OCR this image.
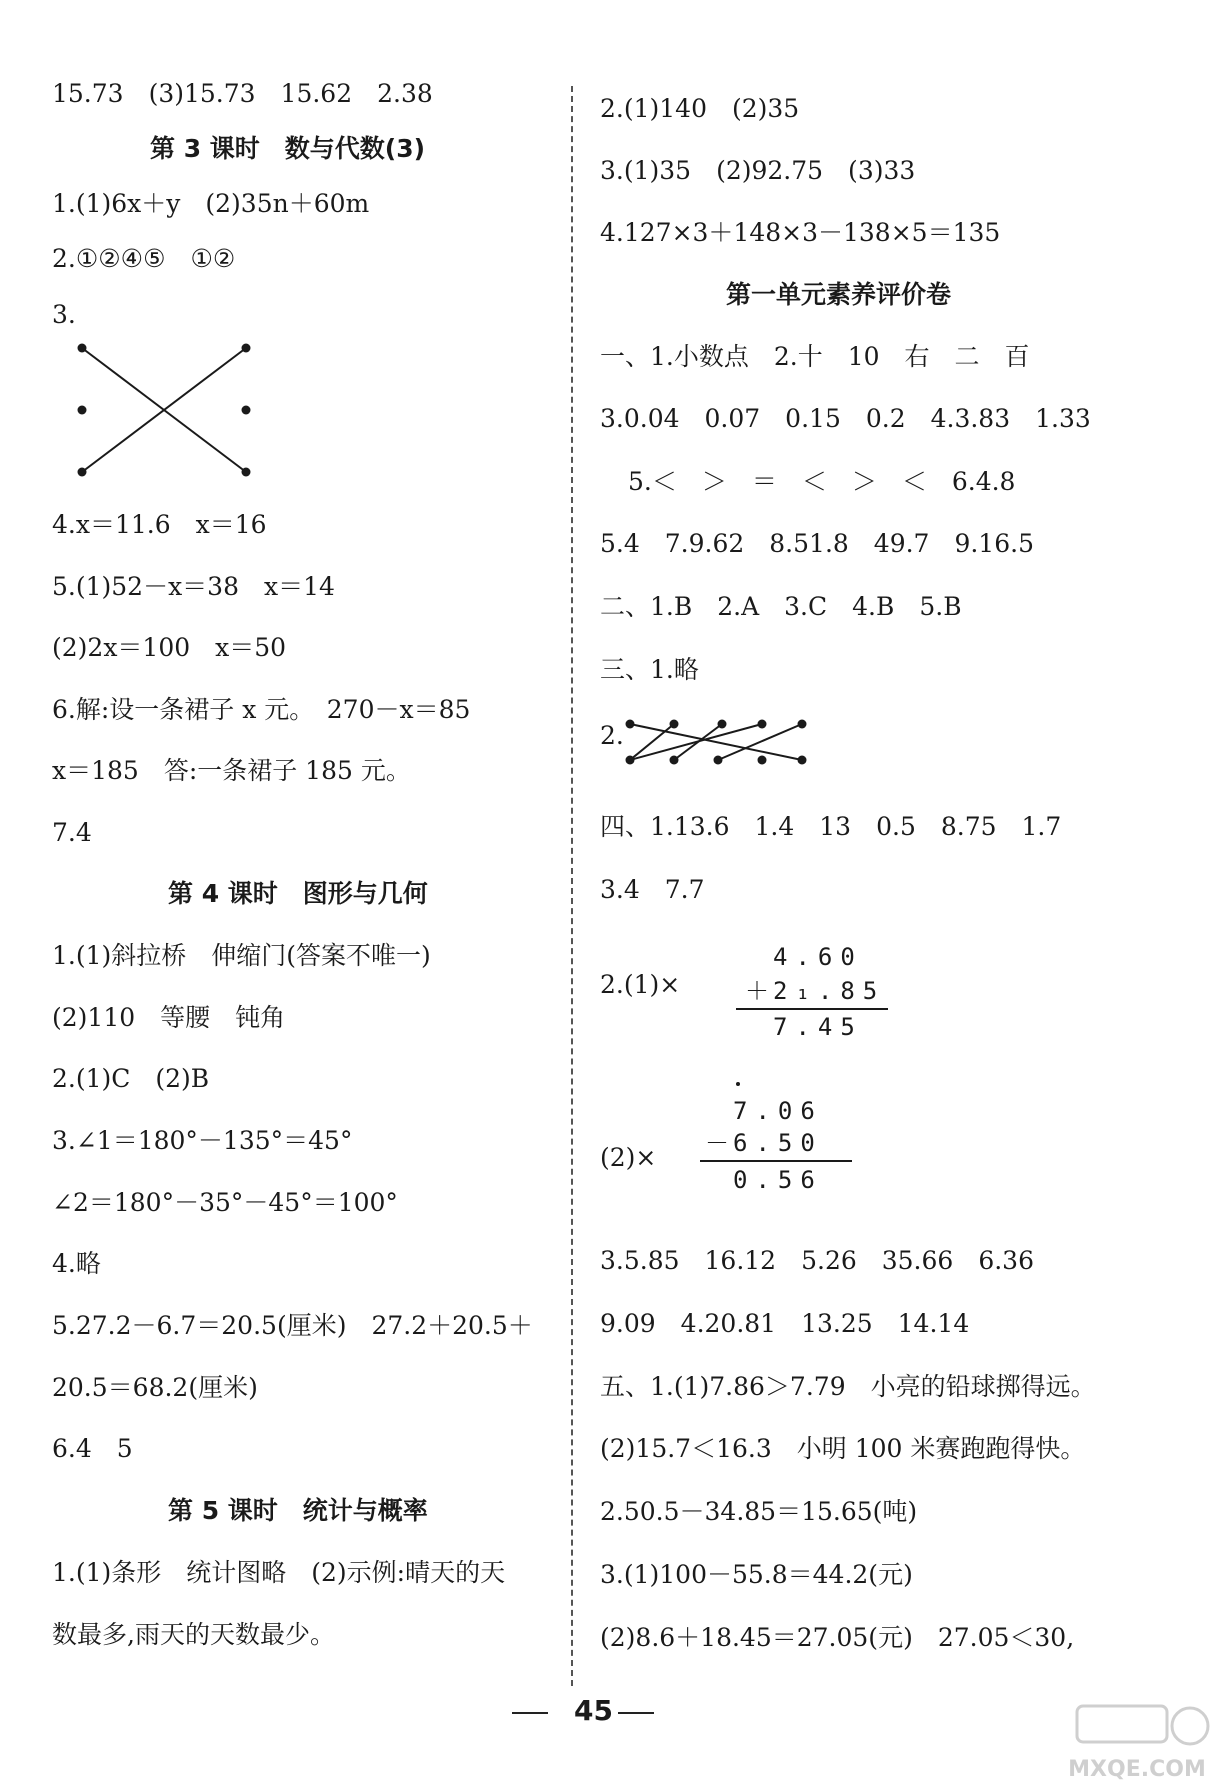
15.73　(3)15.73　15.62　2.38
第 3 课时　数与代数(3)
1.(1)6x＋y　(2)35n＋60m
2.①②④⑤　①②
3.
4.x＝11.6　x＝16
5.(1)52－x＝38　x＝14
(2)2x＝100　x＝50
6.解:设一条裙子 x 元。　270－x＝85
x＝185　答:一条裙子 185 元。
7.4
第 4 课时　图形与几何
1.(1)斜拉桥　伸缩门(答案不唯一)
(2)110　等腰　钝角
2.(1)C　(2)B
3.∠1＝180°－135°＝45°
∠2＝180°－35°－45°＝100°
4.略
5.27.2－6.7＝20.5(厘米)　27.2＋20.5＋
20.5＝68.2(厘米)
6.4　5
第 5 课时　统计与概率
1.(1)条形　统计图略　(2)示例:晴天的天
数最多,雨天的天数最少。
2.(1)140　(2)35
3.(1)35　(2)92.75　(3)33
4.127×3＋148×3－138×5＝135
第一单元素养评价卷
一、1.小数点　2.十　10　右　二　百
3.0.04　0.07　0.15　0.2　4.3.83　1.33
5.＜　＞　＝　＜　＞　＜　6.4.8
5.4　7.9.62　8.51.8　49.7　9.16.5
二、1.B　2.A　3.C　4.B　5.B
三、1.略
2.
四、1.13.6　1.4　13　0.5　8.75　1.7
3.4　7.7
2.(1)×
4.60
＋ 2₁.85
7.45
(2)×
7.06
－ 6.50
0.56
3.5.85　16.12　5.26　35.66　6.36
9.09　4.20.81　13.25　14.14
五、1.(1)7.86＞7.79　小亮的铅球掷得远。
(2)15.7＜16.3　小明 100 米赛跑跑得快。
2.50.5－34.85＝15.65(吨)
3.(1)100－55.8＝44.2(元)
(2)8.6＋18.45＝27.05(元)　27.05＜30,
45
MXQE.COM
